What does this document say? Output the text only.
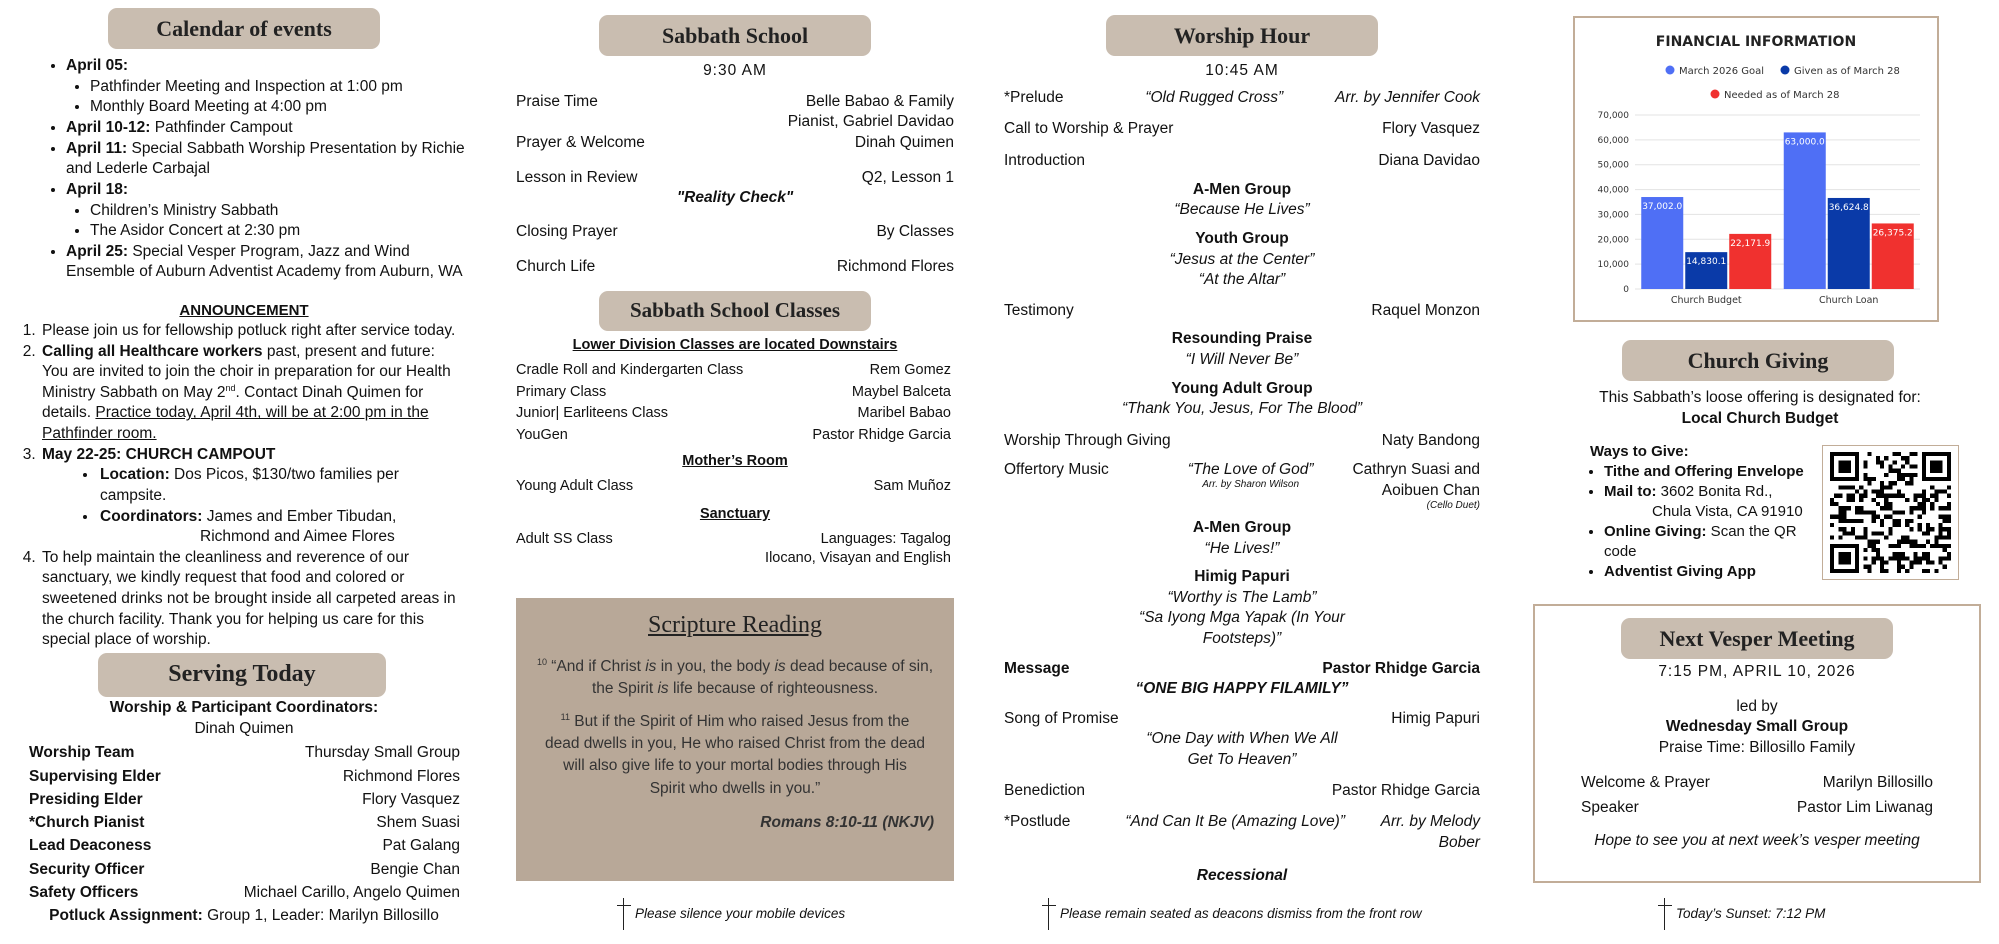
Calendar of events
• April 05:
• Pathfinder Meeting and Inspection at 1:00 pm
• Monthly Board Meeting at 4:00 pm
• April 10-12: Pathfinder Campout
• April 11: Special Sabbath Worship Presentation by Richie and Lederle Carbajal
• April 18:
• Children’s Ministry Sabbath
• The Asidor Concert at 2:30 pm
• April 25: Special Vesper Program, Jazz and Wind Ensemble of Auburn Adventist Academy from Auburn, WA
ANNOUNCEMENT
1. Please join us for fellowship potluck right after service today.
2. Calling all Healthcare workers past, present and future: You are invited to join the choir in preparation for our Health Ministry Sabbath on May 2nd. Contact Dinah Quimen for details. Practice today, April 4th, will be at 2:00 pm in the Pathfinder room.
3. May 22-25: CHURCH CAMPOUT
• Location: Dos Picos, $130/two families per campsite.
• Coordinators: James and Ember Tibudan,
Richmond and Aimee Flores
4. To help maintain the cleanliness and reverence of our sanctuary, we kindly request that food and colored or sweetened drinks not be brought inside all carpeted areas in the church facility. Thank you for helping us care for this special place of worship.
Serving Today
Worship & Participant Coordinators:
Dinah Quimen
Worship Team	Thursday Small Group
Supervising Elder	Richmond Flores
Presiding Elder	Flory Vasquez
*Church Pianist	Shem Suasi
Lead Deaconess	Pat Galang
Security Officer	Bengie Chan
Safety Officers	Michael Carillo, Angelo Quimen
Potluck Assignment: Group 1, Leader: Marilyn Billosillo
Sabbath School
9:30 AM
Praise Time	Belle Babao & Family
Pianist, Gabriel Davidao
Prayer & Welcome	Dinah Quimen
Lesson in Review	Q2, Lesson 1
"Reality Check"
Closing Prayer	By Classes
Church Life	Richmond Flores
Sabbath School Classes
Lower Division Classes are located Downstairs
Cradle Roll and Kindergarten Class	Rem Gomez
Primary Class	Maybel Balceta
Junior| Earliteens Class	Maribel Babao
YouGen	Pastor Rhidge Garcia
Mother’s Room
Young Adult Class	Sam Muñoz
Sanctuary
Adult SS Class	Languages: Tagalog
Ilocano, Visayan and English
Scripture Reading
$^{10}$ “And if Christ is in you, the body is dead because of sin, the Spirit is life because of righteousness.
$^{11}$ But if the Spirit of Him who raised Jesus from the dead dwells in you, He who raised Christ from the dead will also give life to your mortal bodies through His Spirit who dwells in you.”
Romans 8:10-11 (NKJV)
Please silence your mobile devices
Worship Hour
10:45 AM
*Prelude	“Old Rugged Cross”	Arr. by Jennifer Cook
Call to Worship & Prayer	Flory Vasquez
Introduction	Diana Davidao
A-Men Group
“Because He Lives”
Youth Group
“Jesus at the Center”
“At the Altar”
Testimony	Raquel Monzon
Resounding Praise
“I Will Never Be”
Young Adult Group
“Thank You, Jesus, For The Blood”
Worship Through Giving	Naty Bandong
Offertory Music	“The Love of God”

Arr. by Sharon Wilson
Cathryn Suasi and
Aoibuen Chan

(Cello Duet)
A-Men Group
“He Lives!”
Himig Papuri
“Worthy is The Lamb”
“Sa Iyong Mga Yapak (In Your Footsteps)”
Message	Pastor Rhidge Garcia
“ONE BIG HAPPY FILAMILY”
Song of Promise	Himig Papuri
“One Day with When We All Get To Heaven”
Benediction	Pastor Rhidge Garcia
*Postlude	“And Can It Be (Amazing Love)”	Arr. by Melody Bober
Recessional
Please remain seated as deacons dismiss from the front row
FINANCIAL INFORMATION
March 2026 Goal	Given as of March 28
Needed as of March 28
0
10,000
20,000
30,000
40,000
50,000
60,000
70,000
37,002.0
14,830.1
22,171.9
Church Budget
63,000.0
36,624.8
26,375.2
Church Loan
Church Giving
This Sabbath’s loose offering is designated for:
Local Church Budget
Ways to Give:
• Tithe and Offering Envelope
• Mail to: 3602 Bonita Rd.,
Chula Vista, CA 91910
• Online Giving: Scan the QR code
• Adventist Giving App
Next Vesper Meeting
7:15 PM, APRIL 10, 2026
led by
Wednesday Small Group
Praise Time: Billosillo Family
Welcome & Prayer	Marilyn Billosillo
Speaker	Pastor Lim Liwanag
Hope to see you at next week’s vesper meeting
Today’s Sunset: 7:12 PM
